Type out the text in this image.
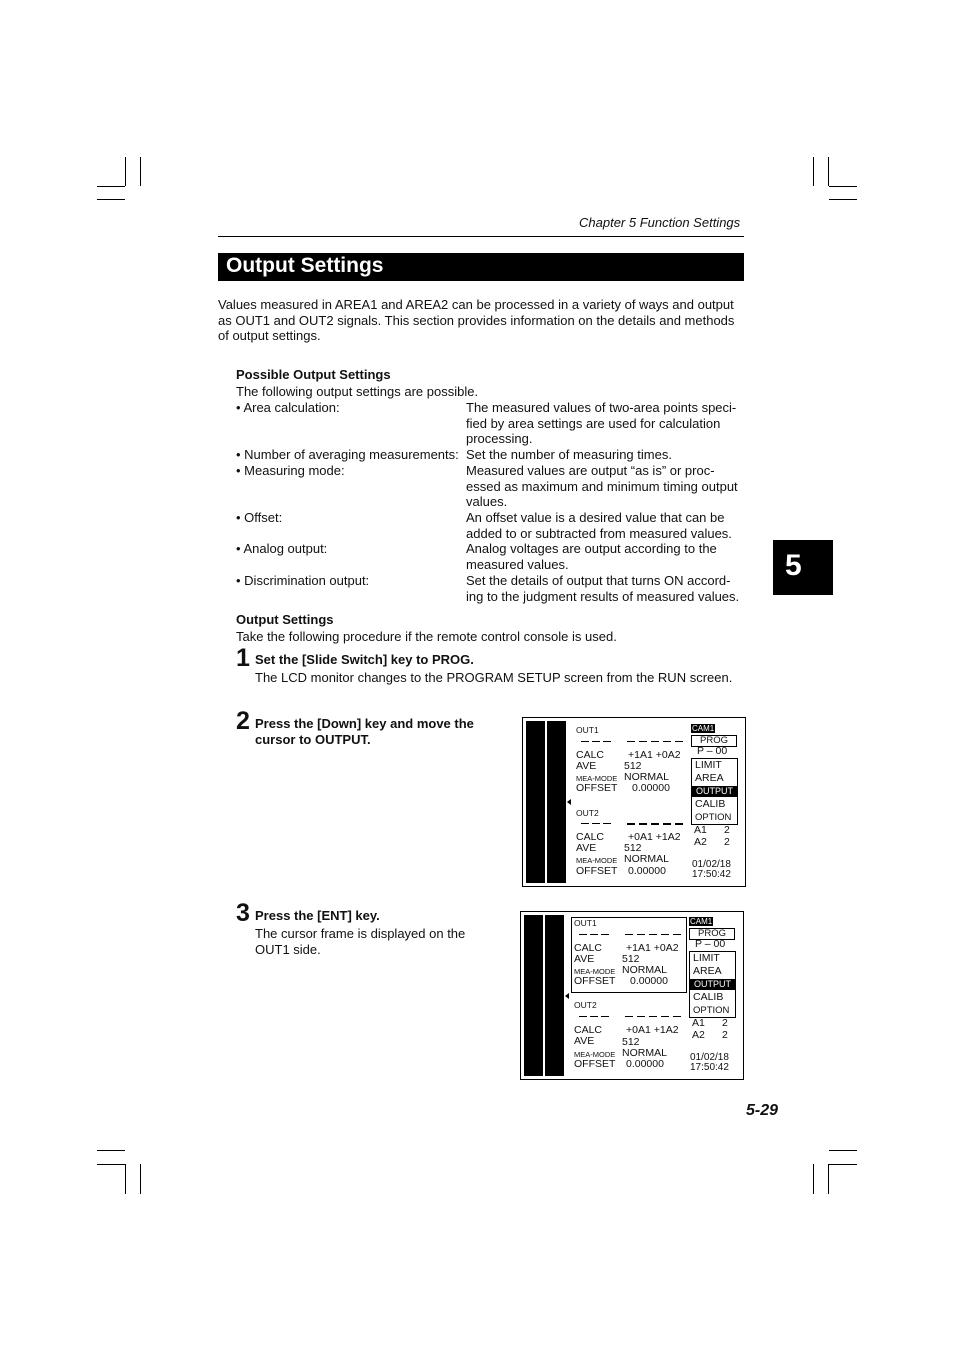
Chapter 5 Function Settings
Output Settings
Values measured in AREA1 and AREA2 can be processed in a variety of ways and output as OUT1 and OUT2 signals. This section provides information on the details and methods of output settings.
Possible Output Settings
The following output settings are possible.
• Area calculation:	The measured values of two-area points speci-
fied by area settings are used for calculation
processing.
• Number of averaging measurements: Set the number of measuring times.
• Measuring mode:	Measured values are output “as is” or proc-
essed as maximum and minimum timing output
values.
• Offset:	An offset value is a desired value that can be
added to or subtracted from measured values.
• Analog output:	Analog voltages are output according to the
measured values.
• Discrimination output:	Set the details of output that turns ON accord-
ing to the judgment results of measured values.
Output Settings
Take the following procedure if the remote control console is used.
1 Set the [Slide Switch] key to PROG.
The LCD monitor changes to the PROGRAM SETUP screen from the RUN screen.
2 Press the [Down] key and move the
cursor to OUTPUT.
3 Press the [ENT] key.
The cursor frame is displayed on the
OUT1 side.
OUT1
CALC +1A1 +0A2
AVE	512
MEA-MODE NORMAL
OFFSET 0.00000
OUT2
CALC +0A1 +1A2
AVE	512
MEA-MODE NORMAL
OFFSET 0.00000
CAM1
PROG
P – 00
LIMIT
AREA
OUTPUT
CALIB
OPTION
A1 2
A2 2
01/02/18
17:50:42
OUT1
CALC +1A1 +0A2
AVE	512
MEA-MODE NORMAL
OFFSET 0.00000
OUT2
CALC +0A1 +1A2
AVE	512
MEA-MODE NORMAL
OFFSET 0.00000
CAM1
PROG
P – 00
LIMIT
AREA
OUTPUT
CALIB
OPTION
A1 2
A2 2
01/02/18
17:50:42
5
5-29
